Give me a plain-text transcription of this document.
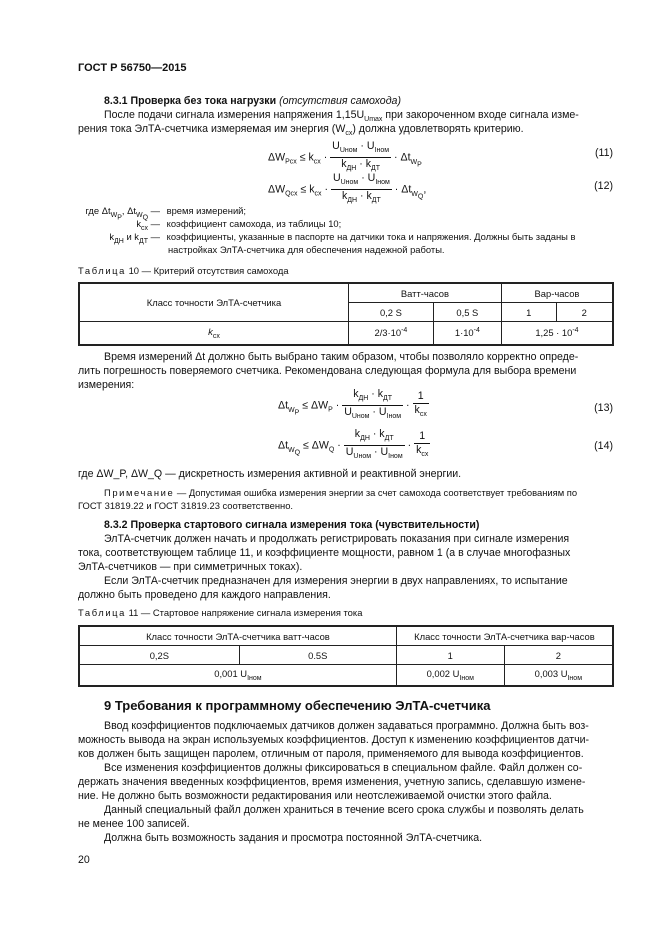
ГОСТ Р 56750—2015
8.3.1 Проверка без тока нагрузки (отсутствия самохода)
После подачи сигнала измерения напряжения $1,15U_{Umax}$ при закороченном входе сигнала изме-
рения тока ЭлТА-счетчика измеряемая им энергия $(W_{сх})$ должна удовлетворять критерию.
$\Delta W_{Pcx} \le k_{cx} \cdot \frac{U_{Uном} \cdot U_{Iном}}{k_{ДН} \cdot k_{ДТ}} \cdot \Delta t_{W_P}$
(11)
$\Delta W_{Qcx} \le k_{cx} \cdot \frac{U_{Uном} \cdot U_{Iном}}{k_{ДН} \cdot k_{ДТ}} \cdot \Delta t_{W_Q}$,	(12)
где $\Delta t_{W_P}$, $\Delta t_{W_Q}$ — время измерений;
$k_{сх}$ — коэффициент самохода, из таблицы 10;
$k_{ДН}$ и $k_{ДТ}$ — коэффициенты, указанные в паспорте на датчики тока и напряжения. Должны быть заданы в
настройках ЭлТА-счетчика для обеспечения надежной работы.
Таблица 10 — Критерий отсутствия самохода
Класс точности ЭлТА-счетчика	Ватт-часов		Вар-часов	
	0,2 S	0,5 S	1	2
$k_{сх}$	$2/3\cdot 10^{-4}$	$1\cdot 10^{-4}$	$1,25 \cdot 10^{-4}$
Время измерений Δt должно быть выбрано таким образом, чтобы позволяло корректно опреде-
лить погрешность поверяемого счетчика. Рекомендована следующая формула для выбора времени
измерения:
$\Delta t_{W_P} \le \Delta W_P \cdot \frac{k_{ДН} \cdot k_{ДТ}}{U_{Uном} \cdot U_{Iном}} \cdot \frac{1}{k_{сх}}$	(13)
$\Delta t_{W_Q} \le \Delta W_Q \cdot \frac{k_{ДН} \cdot k_{ДТ}}{U_{Uном} \cdot U_{Iном}} \cdot \frac{1}{k_{сх}}$	(14)
где ΔW_P, ΔW_Q — дискретность измерения активной и реактивной энергии.
Примечание — Допустимая ошибка измерения энергии за счет самохода соответствует требованиям по
ГОСТ 31819.22 и ГОСТ 31819.23 соответственно.
8.3.2 Проверка стартового сигнала измерения тока (чувствительности)
ЭлТА-счетчик должен начать и продолжать регистрировать показания при сигнале измерения
тока, соответствующем таблице 11, и коэффициенте мощности, равном 1 (а в случае многофазных
ЭлТА-счетчиков — при симметричных токах).
Если ЭлТА-счетчик предназначен для измерения энергии в двух направлениях, то испытание
должно быть проведено для каждого направления.
Таблица 11 — Стартовое напряжение сигнала измерения тока
Класс точности ЭлТА-счетчика ватт-часов		Класс точности ЭлТА-счетчика вар-часов	
0,2S	0.5S	1	2
0,001 $U_{Iном}$		0,002 $U_{Iном}$	0,003 $U_{Iном}$
9 Требования к программному обеспечению ЭлТА-счетчика
Ввод коэффициентов подключаемых датчиков должен задаваться программно. Должна быть воз-
можность вывода на экран используемых коэффициентов. Доступ к изменению коэффициентов датчи-
ков должен быть защищен паролем, отличным от пароля, применяемого для вывода коэффициентов.
Все изменения коэффициентов должны фиксироваться в специальном файле. Файл должен со-
держать значения введенных коэффициентов, время изменения, учетную запись, сделавшую измене-
ние. Не должно быть возможности редактирования или неотслеживаемой очистки этого файла.
Данный специальный файл должен храниться в течение всего срока службы и позволять делать
не менее 100 записей.
Должна быть возможность задания и просмотра постоянной ЭлТА-счетчика.
20
